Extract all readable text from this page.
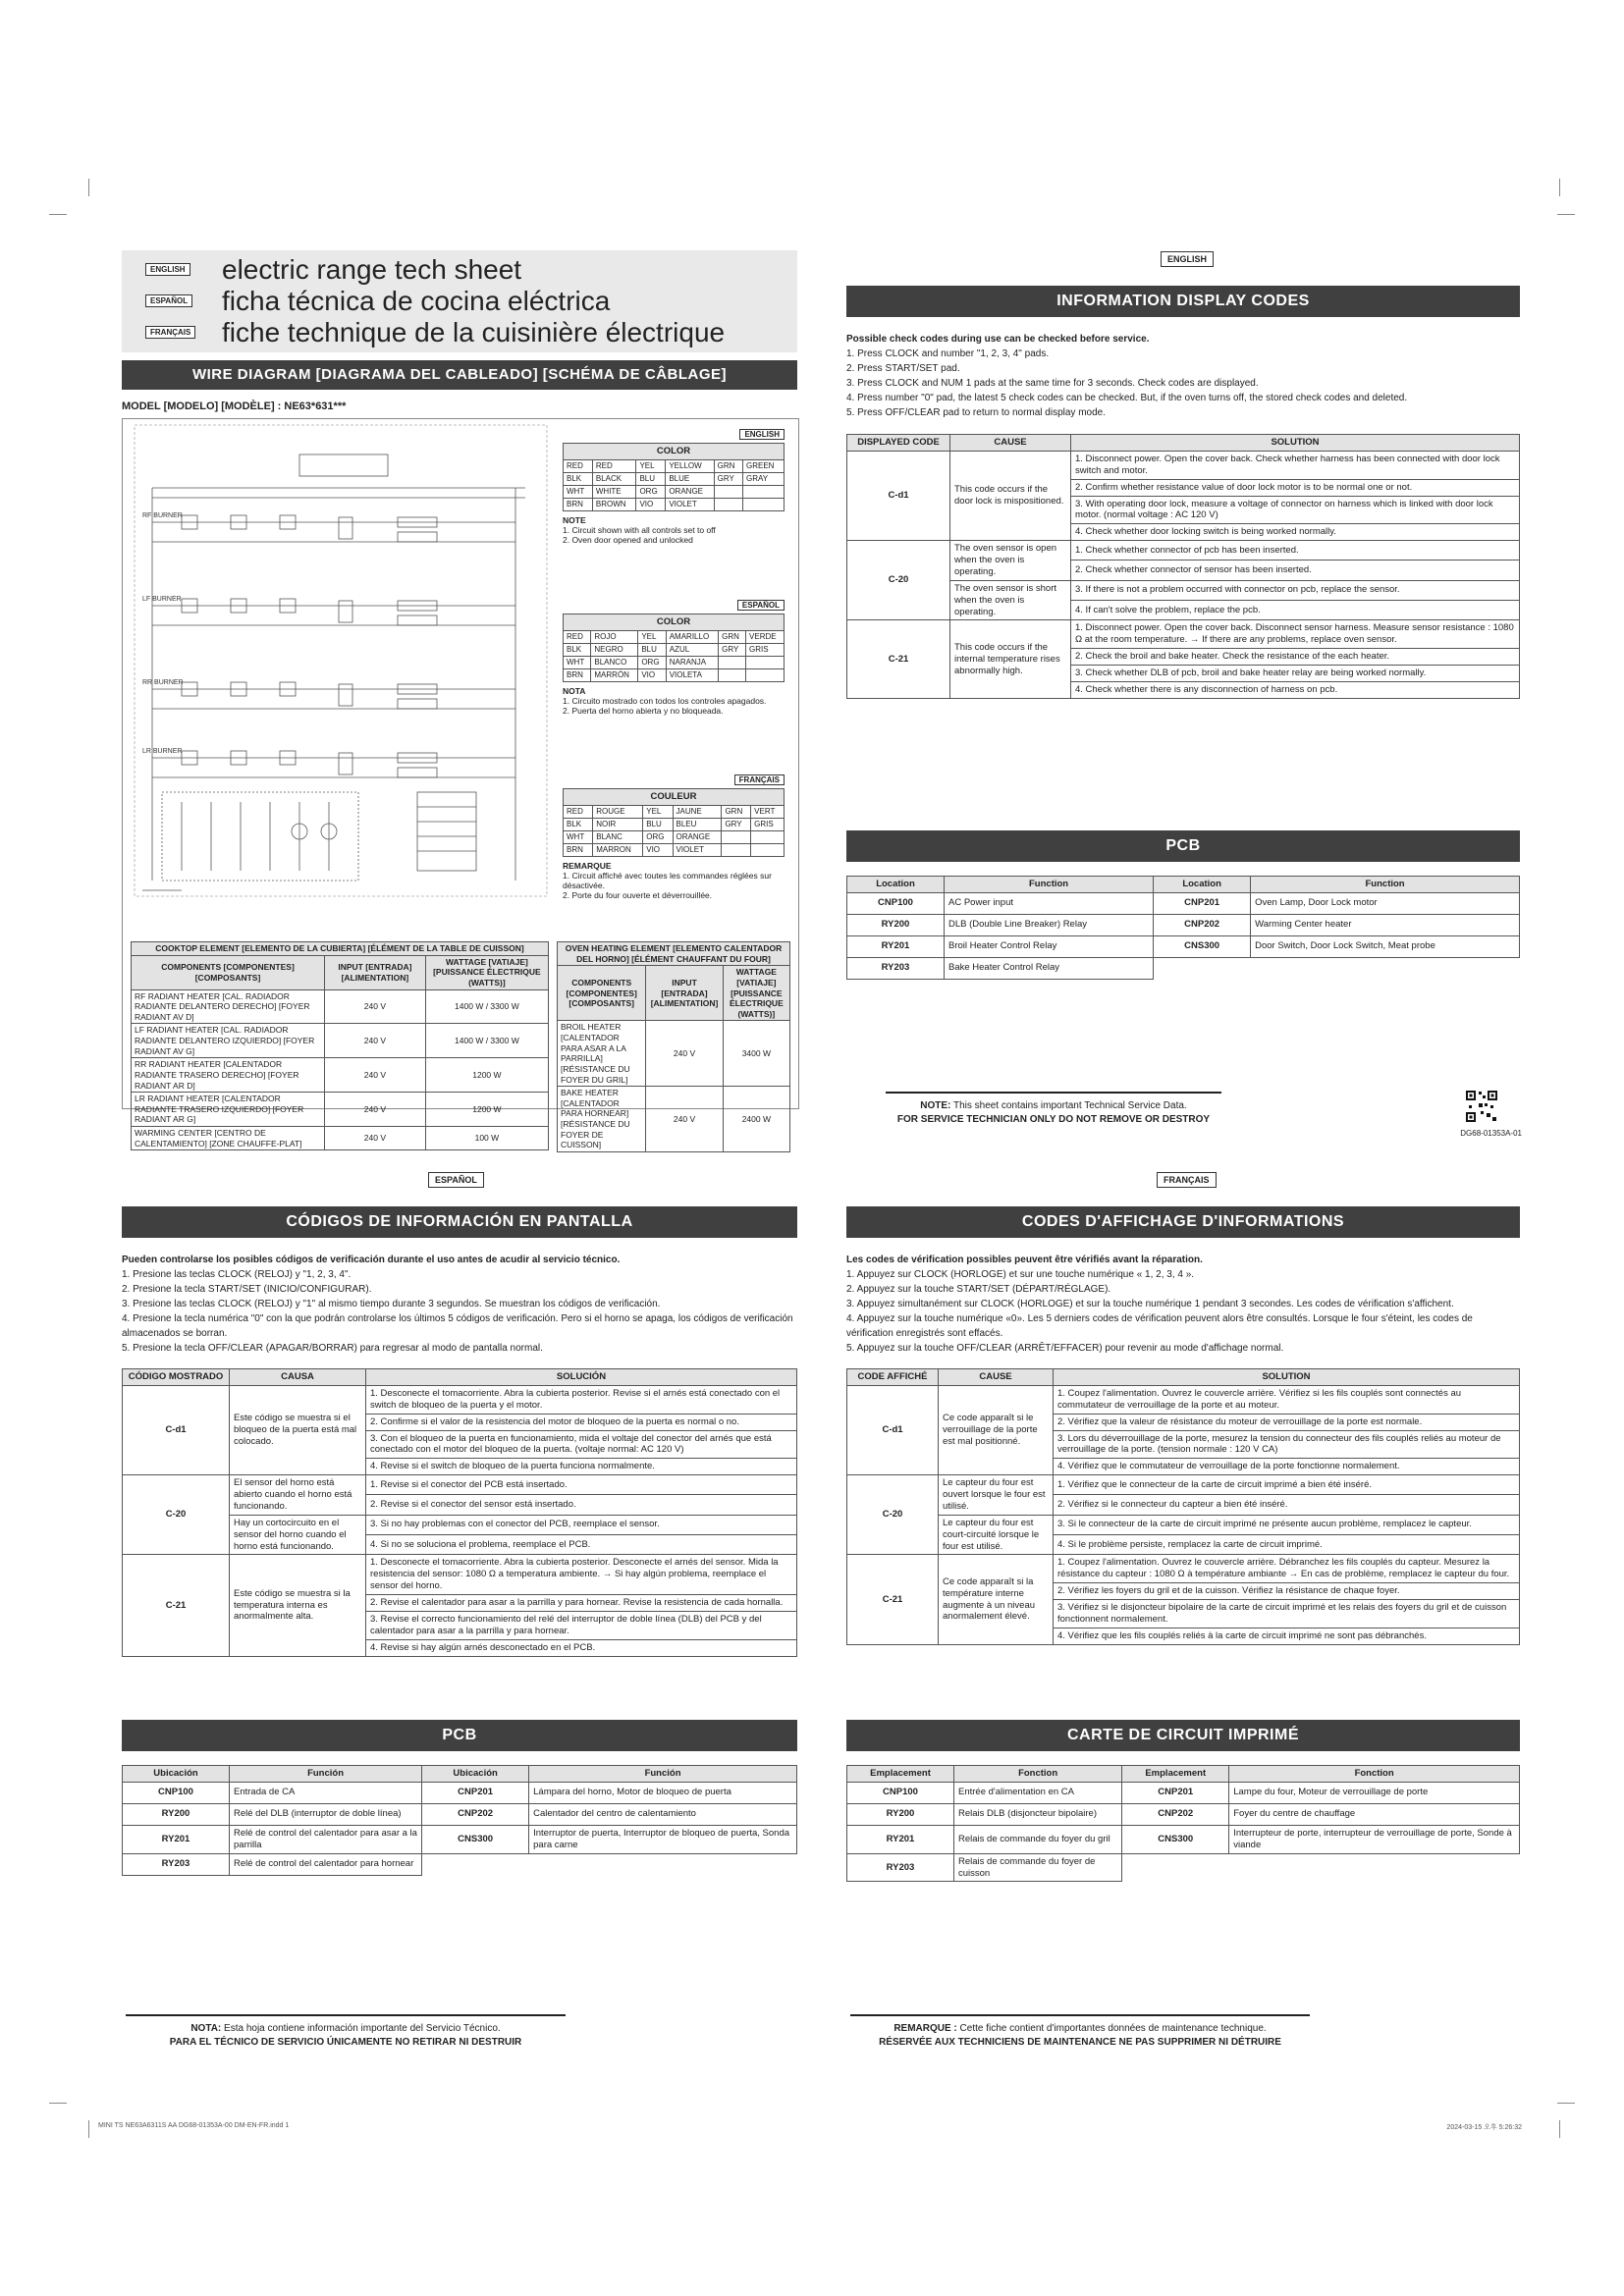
ENGLISH electric range tech sheet
ESPAÑOL ficha técnica de cocina eléctrica
FRANÇAIS fiche technique de la cuisinière électrique
WIRE DIAGRAM [DIAGRAMA DEL CABLEADO] [SCHÉMA DE CÂBLAGE]
MODEL [MODELO] [MODÈLE] : NE63*631***
RF BURNER
LF BURNER
RR BURNER
LR BURNER
ENGLISH
COLOR					
RED	RED	YEL	YELLOW	GRN	GREEN
BLK	BLACK	BLU	BLUE	GRY	GRAY
WHT	WHITE	ORG	ORANGE		
BRN	BROWN	VIO	VIOLET		
NOTE
1. Circuit shown with all controls set to off
2. Oven door opened and unlocked
ESPAÑOL
COLOR					
RED	ROJO	YEL	AMARILLO	GRN	VERDE
BLK	NEGRO	BLU	AZUL	GRY	GRIS
WHT	BLANCO	ORG	NARANJA		
BRN	MARRÓN	VIO	VIOLETA		
NOTA
1. Circuito mostrado con todos los controles apagados.
2. Puerta del horno abierta y no bloqueada.
FRANÇAIS
COULEUR					
RED	ROUGE	YEL	JAUNE	GRN	VERT
BLK	NOIR	BLU	BLEU	GRY	GRIS
WHT	BLANC	ORG	ORANGE		
BRN	MARRON	VIO	VIOLET		
REMARQUE
1. Circuit affiché avec toutes les commandes réglées sur désactivée.
2. Porte du four ouverte et déverrouillée.
COOKTOP ELEMENT [ELEMENTO DE LA CUBIERTA] [ÉLÉMENT DE LA TABLE DE CUISSON]		
COMPONENTS [COMPONENTES] [COMPOSANTS]	INPUT [ENTRADA] [ALIMENTATION]	WATTAGE [VATIAJE] [PUISSANCE ÉLECTRIQUE (WATTS)]
RF RADIANT HEATER [CAL. RADIADOR RADIANTE DELANTERO DERECHO] [FOYER RADIANT AV D]	240 V	1400 W / 3300 W
LF RADIANT HEATER [CAL. RADIADOR RADIANTE DELANTERO IZQUIERDO] [FOYER RADIANT AV G]	240 V	1400 W / 3300 W
RR RADIANT HEATER [CALENTADOR RADIANTE TRASERO DERECHO] [FOYER RADIANT AR D]	240 V	1200 W
LR RADIANT HEATER [CALENTADOR RADIANTE TRASERO IZQUIERDO] [FOYER RADIANT AR G]	240 V	1200 W
WARMING CENTER [CENTRO DE CALENTAMIENTO] [ZONE CHAUFFE-PLAT]	240 V	100 W
OVEN HEATING ELEMENT [ELEMENTO CALENTADOR DEL HORNO] [ÉLÉMENT CHAUFFANT DU FOUR]		
COMPONENTS [COMPONENTES] [COMPOSANTS]	INPUT [ENTRADA] [ALIMENTATION]	WATTAGE [VATIAJE] [PUISSANCE ÉLECTRIQUE (WATTS)]
BROIL HEATER [CALENTADOR PARA ASAR A LA PARRILLA] [RÉSISTANCE DU FOYER DU GRIL]	240 V	3400 W
BAKE HEATER [CALENTADOR PARA HORNEAR] [RÉSISTANCE DU FOYER DE CUISSON]	240 V	2400 W
ENGLISH
INFORMATION DISPLAY CODES
Possible check codes during use can be checked before service.
1. Press CLOCK and number "1, 2, 3, 4" pads.
2. Press START/SET pad.
3. Press CLOCK and NUM 1 pads at the same time for 3 seconds. Check codes are displayed.
4. Press number "0" pad, the latest 5 check codes can be checked. But, if the oven turns off, the stored check codes and deleted.
5. Press OFF/CLEAR pad to return to normal display mode.
DISPLAYED CODE	CAUSE	SOLUTION
C-d1	This code occurs if the door lock is mispositioned.	1. Disconnect power. Open the cover back. Check whether harness has been connected with door lock switch and motor.
		2. Confirm whether resistance value of door lock motor is to be normal one or not.
		3. With operating door lock, measure a voltage of connector on harness which is linked with door lock motor. (normal voltage : AC 120 V)
		4. Check whether door locking switch is being worked normally.
C-20	The oven sensor is open when the oven is operating.	1. Check whether connector of pcb has been inserted.
		2. Check whether connector of sensor has been inserted.
	The oven sensor is short when the oven is operating.	3. If there is not a problem occurred with connector on pcb, replace the sensor.
		4. If can't solve the problem, replace the pcb.
C-21	This code occurs if the internal temperature rises abnormally high.	1. Disconnect power. Open the cover back. Disconnect sensor harness. Measure sensor resistance : 1080 Ω at the room temperature. → If there are any problems, replace oven sensor.
		2. Check the broil and bake heater. Check the resistance of the each heater.
		3. Check whether DLB of pcb, broil and bake heater relay are being worked normally.
		4. Check whether there is any disconnection of harness on pcb.
PCB
Location	Function	Location	Function
CNP100	AC Power input	CNP201	Oven Lamp, Door Lock motor
RY200	DLB (Double Line Breaker) Relay	CNP202	Warming Center heater
RY201	Broil Heater Control Relay	CNS300	Door Switch, Door Lock Switch, Meat probe
RY203	Bake Heater Control Relay		
NOTE: This sheet contains important Technical Service Data.
FOR SERVICE TECHNICIAN ONLY DO NOT REMOVE OR DESTROY
DG68-01353A-01
ESPAÑOL
CÓDIGOS DE INFORMACIÓN EN PANTALLA
Pueden controlarse los posibles códigos de verificación durante el uso antes de acudir al servicio técnico.
1. Presione las teclas CLOCK (RELOJ) y "1, 2, 3, 4".
2. Presione la tecla START/SET (INICIO/CONFIGURAR).
3. Presione las teclas CLOCK (RELOJ) y "1" al mismo tiempo durante 3 segundos. Se muestran los códigos de verificación.
4. Presione la tecla numérica "0" con la que podrán controlarse los últimos 5 códigos de verificación. Pero si el horno se apaga, los códigos de verificación almacenados se borran.
5. Presione la tecla OFF/CLEAR (APAGAR/BORRAR) para regresar al modo de pantalla normal.
CÓDIGO MOSTRADO	CAUSA	SOLUCIÓN
C-d1	Este código se muestra si el bloqueo de la puerta está mal colocado.	1. Desconecte el tomacorriente. Abra la cubierta posterior. Revise si el arnés está conectado con el switch de bloqueo de la puerta y el motor.
		2. Confirme si el valor de la resistencia del motor de bloqueo de la puerta es normal o no.
		3. Con el bloqueo de la puerta en funcionamiento, mida el voltaje del conector del arnés que está conectado con el motor del bloqueo de la puerta. (voltaje normal: AC 120 V)
		4. Revise si el switch de bloqueo de la puerta funciona normalmente.
C-20	El sensor del horno está abierto cuando el horno está funcionando.	1. Revise si el conector del PCB está insertado.
		2. Revise si el conector del sensor está insertado.
	Hay un cortocircuito en el sensor del horno cuando el horno está funcionando.	3. Si no hay problemas con el conector del PCB, reemplace el sensor.
		4. Si no se soluciona el problema, reemplace el PCB.
C-21	Este código se muestra si la temperatura interna es anormalmente alta.	1. Desconecte el tomacorriente. Abra la cubierta posterior. Desconecte el arnés del sensor. Mida la resistencia del sensor: 1080 Ω a temperatura ambiente. → Si hay algún problema, reemplace el sensor del horno.
		2. Revise el calentador para asar a la parrilla y para hornear. Revise la resistencia de cada hornalla.
		3. Revise el correcto funcionamiento del relé del interruptor de doble línea (DLB) del PCB y del calentador para asar a la parrilla y para hornear.
		4. Revise si hay algún arnés desconectado en el PCB.
PCB
Ubicación	Función	Ubicación	Función
CNP100	Entrada de CA	CNP201	Lámpara del horno, Motor de bloqueo de puerta
RY200	Relé del DLB (interruptor de doble línea)	CNP202	Calentador del centro de calentamiento
RY201	Relé de control del calentador para asar a la parrilla	CNS300	Interruptor de puerta, Interruptor de bloqueo de puerta, Sonda para carne
RY203	Relé de control del calentador para hornear		
NOTA: Esta hoja contiene información importante del Servicio Técnico.
PARA EL TÉCNICO DE SERVICIO ÚNICAMENTE NO RETIRAR NI DESTRUIR
FRANÇAIS
CODES D'AFFICHAGE D'INFORMATIONS
Les codes de vérification possibles peuvent être vérifiés avant la réparation.
1. Appuyez sur CLOCK (HORLOGE) et sur une touche numérique « 1, 2, 3, 4 ».
2. Appuyez sur la touche START/SET (DÉPART/RÉGLAGE).
3. Appuyez simultanément sur CLOCK (HORLOGE) et sur la touche numérique 1 pendant 3 secondes. Les codes de vérification s'affichent.
4. Appuyez sur la touche numérique «0». Les 5 derniers codes de vérification peuvent alors être consultés. Lorsque le four s'éteint, les codes de vérification enregistrés sont effacés.
5. Appuyez sur la touche OFF/CLEAR (ARRÊT/EFFACER) pour revenir au mode d'affichage normal.
CODE AFFICHÉ	CAUSE	SOLUTION
C-d1	Ce code apparaît si le verrouillage de la porte est mal positionné.	1. Coupez l'alimentation. Ouvrez le couvercle arrière. Vérifiez si les fils couplés sont connectés au commutateur de verrouillage de la porte et au moteur.
		2. Vérifiez que la valeur de résistance du moteur de verrouillage de la porte est normale.
		3. Lors du déverrouillage de la porte, mesurez la tension du connecteur des fils couplés reliés au moteur de verrouillage de la porte. (tension normale : 120 V CA)
		4. Vérifiez que le commutateur de verrouillage de la porte fonctionne normalement.
C-20	Le capteur du four est ouvert lorsque le four est utilisé.	1. Vérifiez que le connecteur de la carte de circuit imprimé a bien été inséré.
		2. Vérifiez si le connecteur du capteur a bien été inséré.
	Le capteur du four est court-circuité lorsque le four est utilisé.	3. Si le connecteur de la carte de circuit imprimé ne présente aucun problème, remplacez le capteur.
		4. Si le problème persiste, remplacez la carte de circuit imprimé.
C-21	Ce code apparaît si la température interne augmente à un niveau anormalement élevé.	1. Coupez l'alimentation. Ouvrez le couvercle arrière. Débranchez les fils couplés du capteur. Mesurez la résistance du capteur : 1080 Ω à température ambiante → En cas de problème, remplacez le capteur du four.
		2. Vérifiez les foyers du gril et de la cuisson. Vérifiez la résistance de chaque foyer.
		3. Vérifiez si le disjoncteur bipolaire de la carte de circuit imprimé et les relais des foyers du gril et de cuisson fonctionnent normalement.
		4. Vérifiez que les fils couplés reliés à la carte de circuit imprimé ne sont pas débranchés.
CARTE DE CIRCUIT IMPRIMÉ
Emplacement	Fonction	Emplacement	Fonction
CNP100	Entrée d'alimentation en CA	CNP201	Lampe du four, Moteur de verrouillage de porte
RY200	Relais DLB (disjoncteur bipolaire)	CNP202	Foyer du centre de chauffage
RY201	Relais de commande du foyer du gril	CNS300	Interrupteur de porte, interrupteur de verrouillage de porte, Sonde à viande
RY203	Relais de commande du foyer de cuisson		
REMARQUE : Cette fiche contient d'importantes données de maintenance technique.
RÉSERVÉE AUX TECHNICIENS DE MAINTENANCE NE PAS SUPPRIMER NI DÉTRUIRE
MINI TS NE63A6311S AA DG68-01353A-00 DM-EN-FR.indd 1	2024-03-15 오후 5:26:32
